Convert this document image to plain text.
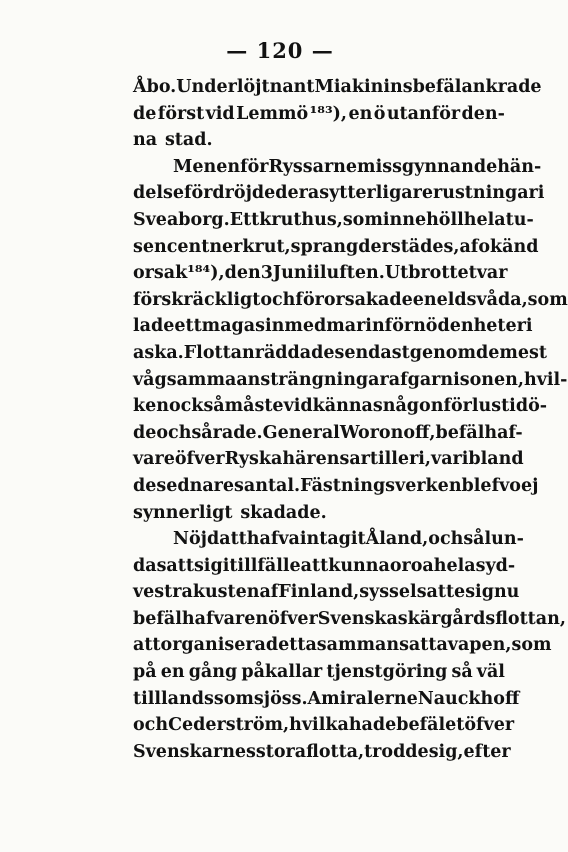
— 120 —
Åbo. Under löjtnant Miakinins befäl ankrade
de först vid Lemmö ¹⁸³), en ö utanför den-
na stad.
Men en för Ryssarne missgynnande hän-
delse fördröjde deras ytterligare rustningar i
Sveaborg. Ett kruthus, som innehöll hela tu-
sen centner krut, sprang derstädes, af okänd
orsak ¹⁸⁴), den 3 Juni i luften. Utbrottet var
förskräckligt och förorsakade en eldsvåda, som
lade ett magasin med marinförnödenheter i
aska. Flottan räddades endast genom de mest
vågsamma ansträngningar af garnisonen, hvil-
ken också måste vidkännas någon förlust i dö-
de och sårade. General Woronoff, befälhaf-
vare öfver Ryska härens artilleri, var ibland
de sednares antal. Fästningsverken blefvo ej
synnerligt skadade.
Nöjd att hafva intagit Åland, och sålun-
da satt sig i tillfälle att kunna oroa hela syd-
vestra kusten af Finland, sysselsatte sig nu
befälhafvaren öfver Svenska skärgårdsflottan,
att organisera detta sammansatta vapen, som
på en gång påkallar tjenstgöring så väl
till lands som sjöss. Amiralerne Nauckhoff
och Cederström, hvilka hade befälet öfver
Svenskarnes stora flotta, trodde sig, efter
